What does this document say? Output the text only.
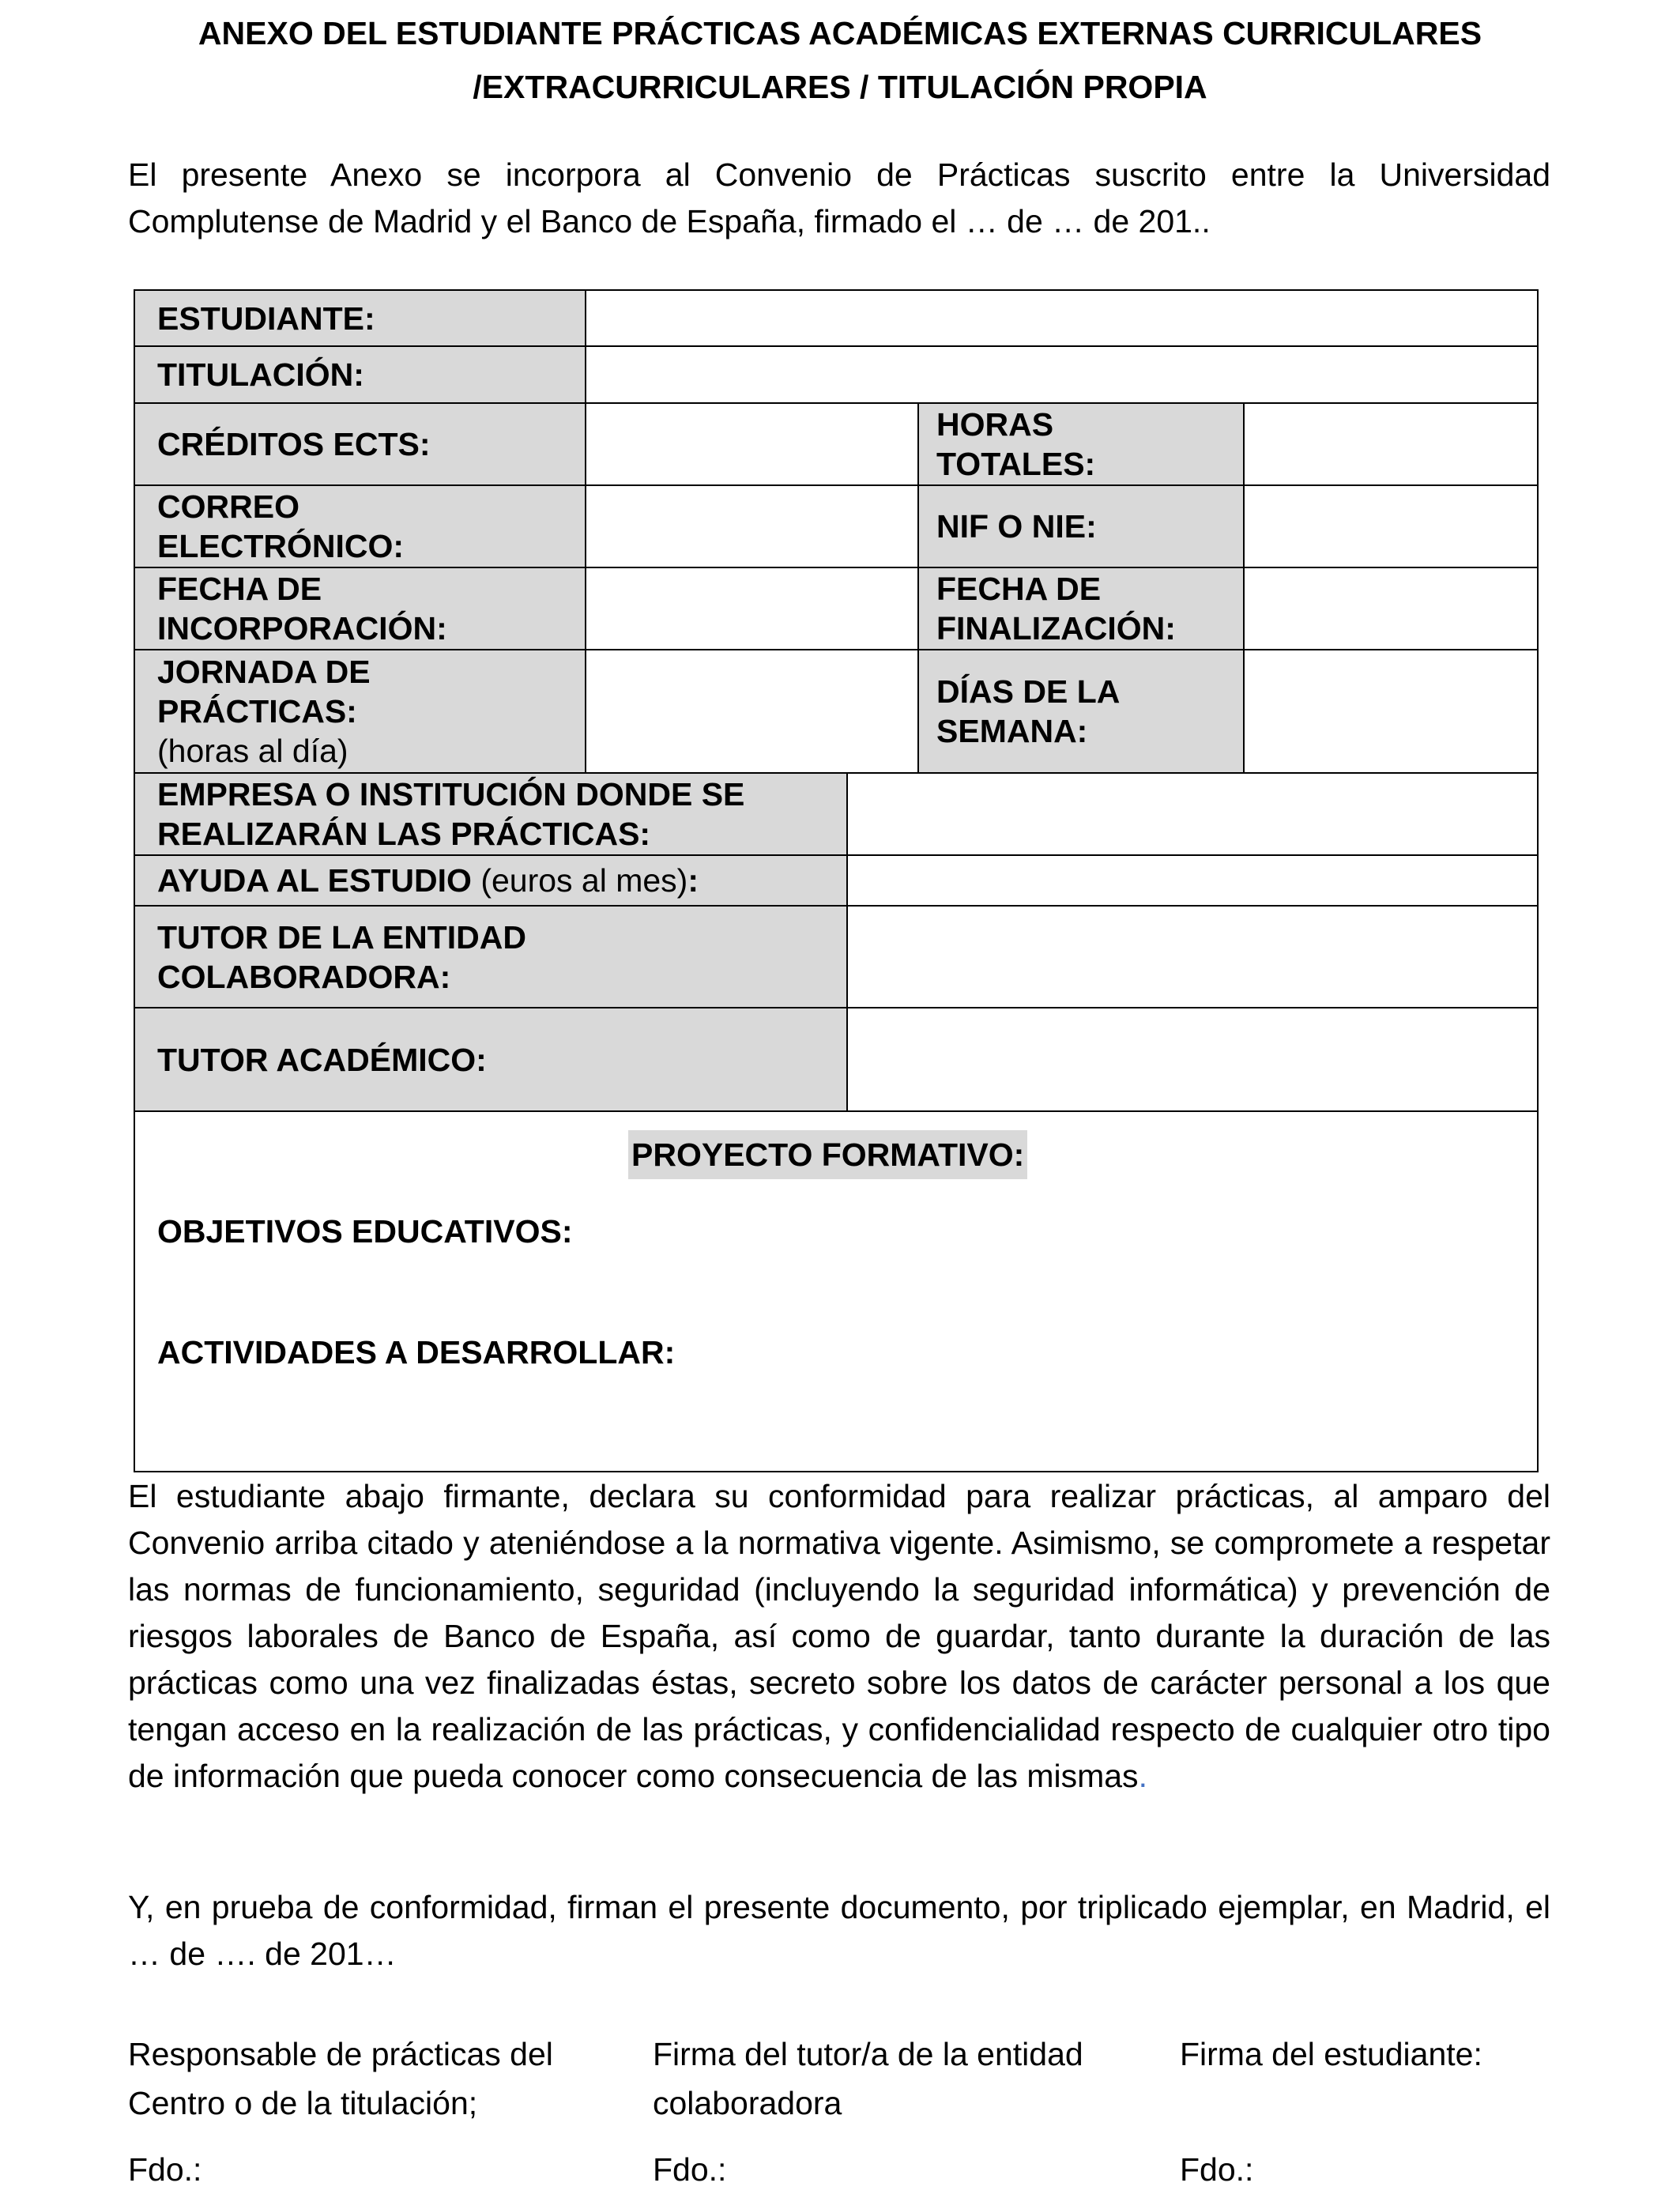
ANEXO DEL ESTUDIANTE PRÁCTICAS ACADÉMICAS EXTERNAS CURRICULARES
/EXTRACURRICULARES / TITULACIÓN PROPIA
El presente Anexo se incorpora al Convenio de Prácticas suscrito entre la Universidad Complutense de Madrid y el Banco de España, firmado el … de … de 201..
ESTUDIANTE:
TITULACIÓN:
CRÉDITOS ECTS:
HORAS
TOTALES:
CORREO
ELECTRÓNICO:
NIF O NIE:
FECHA DE
INCORPORACIÓN:
FECHA DE
FINALIZACIÓN:
JORNADA DE
PRÁCTICAS:
(horas al día)
DÍAS DE LA
SEMANA:
EMPRESA O INSTITUCIÓN DONDE SE
REALIZARÁN LAS PRÁCTICAS:
AYUDA AL ESTUDIO (euros al mes):
TUTOR DE LA ENTIDAD
COLABORADORA:
TUTOR ACADÉMICO:
PROYECTO FORMATIVO:
OBJETIVOS EDUCATIVOS:
ACTIVIDADES A DESARROLLAR:
El estudiante abajo firmante, declara su conformidad para realizar prácticas, al amparo del Convenio arriba citado y ateniéndose a la normativa vigente. Asimismo, se compromete a respetar las normas de funcionamiento, seguridad (incluyendo la seguridad informática) y prevención de riesgos laborales de Banco de España, así como de guardar, tanto durante la duración de las prácticas como una vez finalizadas éstas, secreto sobre los datos de carácter personal a los que tengan acceso en la realización de las prácticas, y confidencialidad respecto de cualquier otro tipo de información que pueda conocer como consecuencia de las mismas.
Y, en prueba de conformidad, firman el presente documento, por triplicado ejemplar, en Madrid, el … de …. de 201…
Responsable de prácticas del
Centro o de la titulación;
Firma del tutor/a de la entidad
colaboradora
Firma del estudiante:
Fdo.:	Fdo.:	Fdo.:
